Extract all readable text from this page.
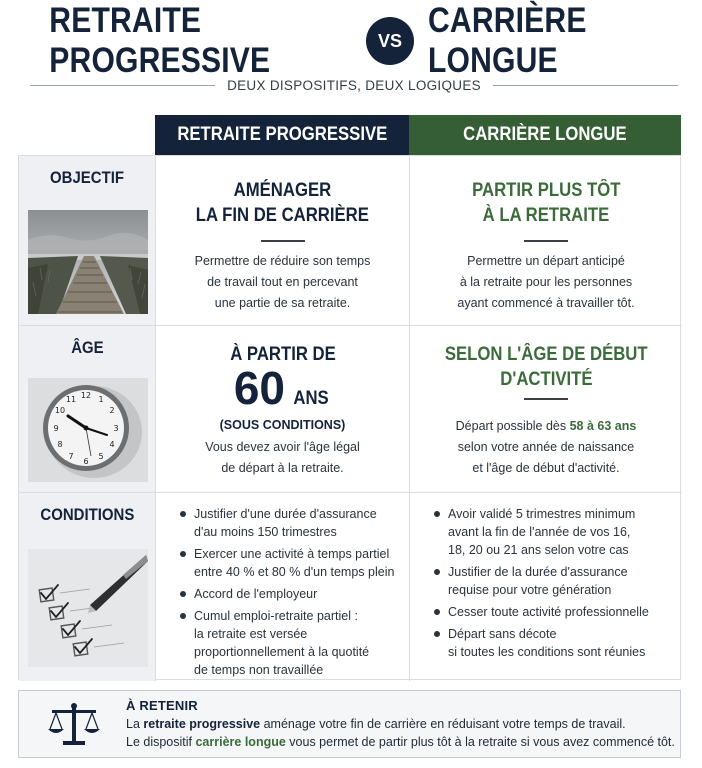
RETRAITE PROGRESSIVE
VS
CARRIÈRE LONGUE
DEUX DISPOSITIFS, DEUX LOGIQUES
RETRAITE PROGRESSIVE	CARRIÈRE LONGUE
OBJECTIF
AMÉNAGER
LA FIN DE CARRIÈRE
Permettre de réduire son temps
de travail tout en percevant
une partie de sa retraite.
PARTIR PLUS TÔT
À LA RETRAITE
Permettre un départ anticipé
à la retraite pour les personnes
ayant commencé à travailler tôt.
ÂGE
12 1
2
3
4
5
6
7
8
9
10
11
À PARTIR DE
60 ANS
(SOUS CONDITIONS)
Vous devez avoir l'âge légal
de départ à la retraite.
SELON L'ÂGE DE DÉBUT
D'ACTIVITÉ
Départ possible dès 58 à 63 ans
selon votre année de naissance
et l'âge de début d'activité.
CONDITIONS	Justifier d'une durée d'assurance
d'au moins 150 trimestres
Exercer une activité à temps partiel
entre 40 % et 80 % d'un temps plein
Accord de l'employeur
Cumul emploi-retraite partiel :
la retraite est versée
proportionnellement à la quotité
de temps non travaillée
Avoir validé 5 trimestres minimum
avant la fin de l'année de vos 16,
18, 20 ou 21 ans selon votre cas
Justifier de la durée d'assurance
requise pour votre génération
Cesser toute activité professionnelle
Départ sans décote
si toutes les conditions sont réunies
À RETENIR
La retraite progressive aménage votre fin de carrière en réduisant votre temps de travail.
Le dispositif carrière longue vous permet de partir plus tôt à la retraite si vous avez commencé tôt.
